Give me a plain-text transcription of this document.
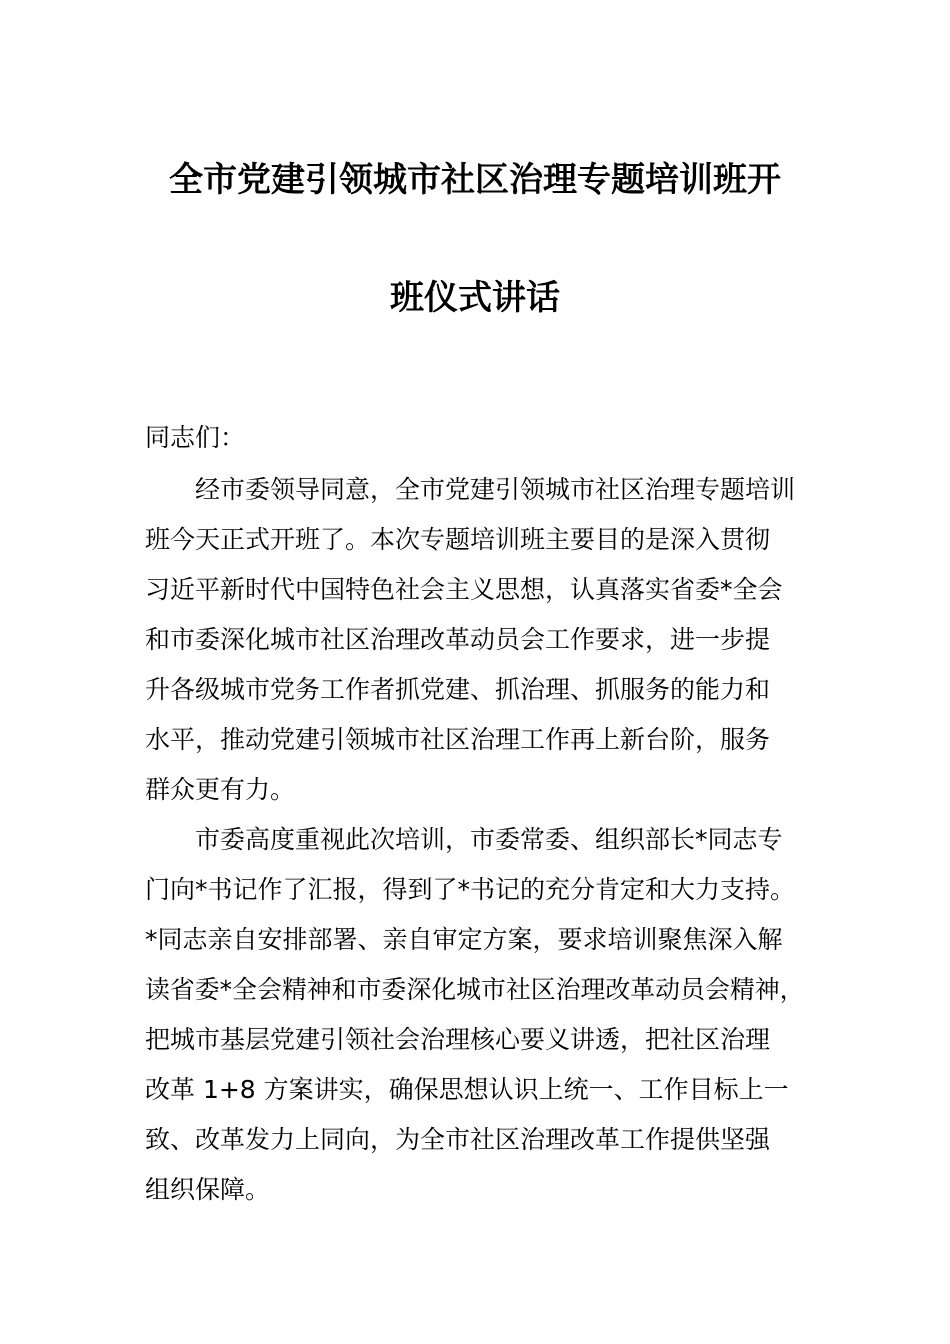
全市党建引领城市社区治理专题培训班开
班仪式讲话
同志们：
　　经市委领导同意，全市党建引领城市社区治理专题培训
班今天正式开班了。本次专题培训班主要目的是深入贯彻
习近平新时代中国特色社会主义思想，认真落实省委*全会
和市委深化城市社区治理改革动员会工作要求，进一步提
升各级城市党务工作者抓党建、抓治理、抓服务的能力和
水平，推动党建引领城市社区治理工作再上新台阶，服务
群众更有力。
　　市委高度重视此次培训，市委常委、组织部长*同志专
门向*书记作了汇报，得到了*书记的充分肯定和大力支持。
*同志亲自安排部署、亲自审定方案，要求培训聚焦深入解
读省委*全会精神和市委深化城市社区治理改革动员会精神，
把城市基层党建引领社会治理核心要义讲透，把社区治理
改革 1+8 方案讲实，确保思想认识上统一、工作目标上一
致、改革发力上同向，为全市社区治理改革工作提供坚强
组织保障。
